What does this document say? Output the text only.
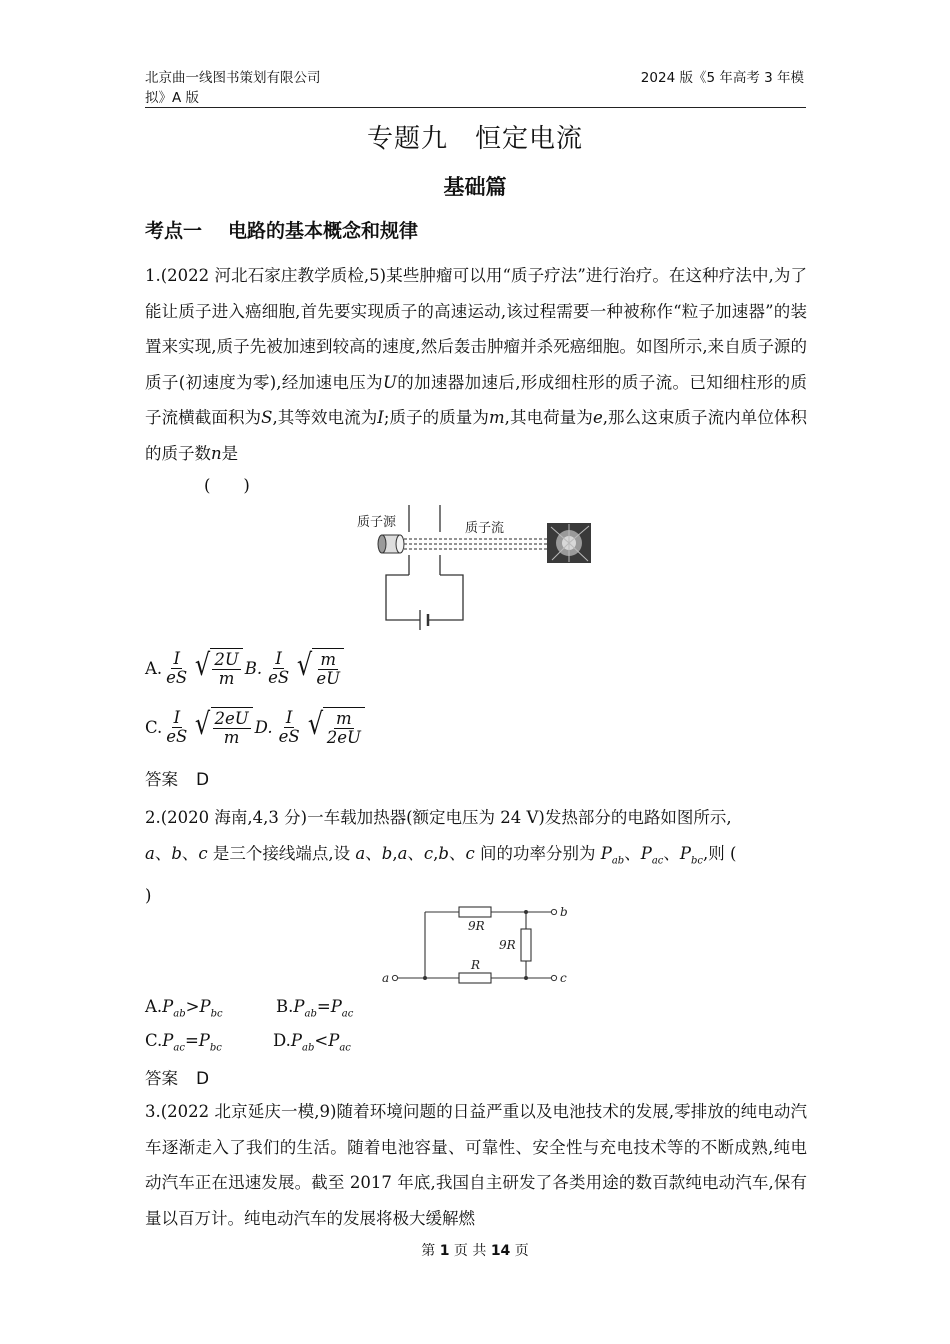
北京曲一线图书策划有限公司
拟》A 版
2024 版《5 年高考 3 年模
专题九　恒定电流
基础篇
考点一 电路的基本概念和规律
1.(2022 河北石家庄教学质检,5)某些肿瘤可以用“质子疗法”进行治疗。在这种疗法中,为了能让质子进入癌细胞,首先要实现质子的高速运动,该过程需要一种被称作“粒子加速器”的装置来实现,质子先被加速到较高的速度,然后轰击肿瘤并杀死癌细胞。如图所示,来自质子源的质子(初速度为零),经加速电压为U的加速器加速后,形成细柱形的质子流。已知细柱形的质子流横截面积为S,其等效电流为I;质子的质量为m,其电荷量为e,那么这束质子流内单位体积的质子数n是
(　　)
质子源	质子流
A. $\frac{I}{eS}$ √ $\frac{2U}{m} B$. $\frac{I}{eS}$ √ $\frac{m}{eU}$
C. $\frac{I}{eS}$ √ $\frac{2eU}{m} D$. $\frac{I}{eS}$ √ $\frac{m}{2eU}$
答案 D
2.(2020 海南,4,3 分)一车载加热器(额定电压为 24 V)发热部分的电路如图所示,
a、b、c 是三个接线端点,设 a、b,a、c,b、c 间的功率分别为 $P_{ab}$、$P_{ac}$、$P_{bc}$,则 (
)
a
b
c
9R
9R
R
$A.P_{ab}>P_{bc}$	$B.P_{ab}=P_{ac}$
$C.P_{ac}=P_{bc}$	$D.P_{ab}<P_{ac}$
答案 D
3.(2022 北京延庆一模,9)随着环境问题的日益严重以及电池技术的发展,零排放的纯电动汽车逐渐走入了我们的生活。随着电池容量、可靠性、安全性与充电技术等的不断成熟,纯电动汽车正在迅速发展。截至 2017 年底,我国自主研发了各类用途的数百款纯电动汽车,保有量以百万计。纯电动汽车的发展将极大缓解燃
第 1 页 共 14 页
